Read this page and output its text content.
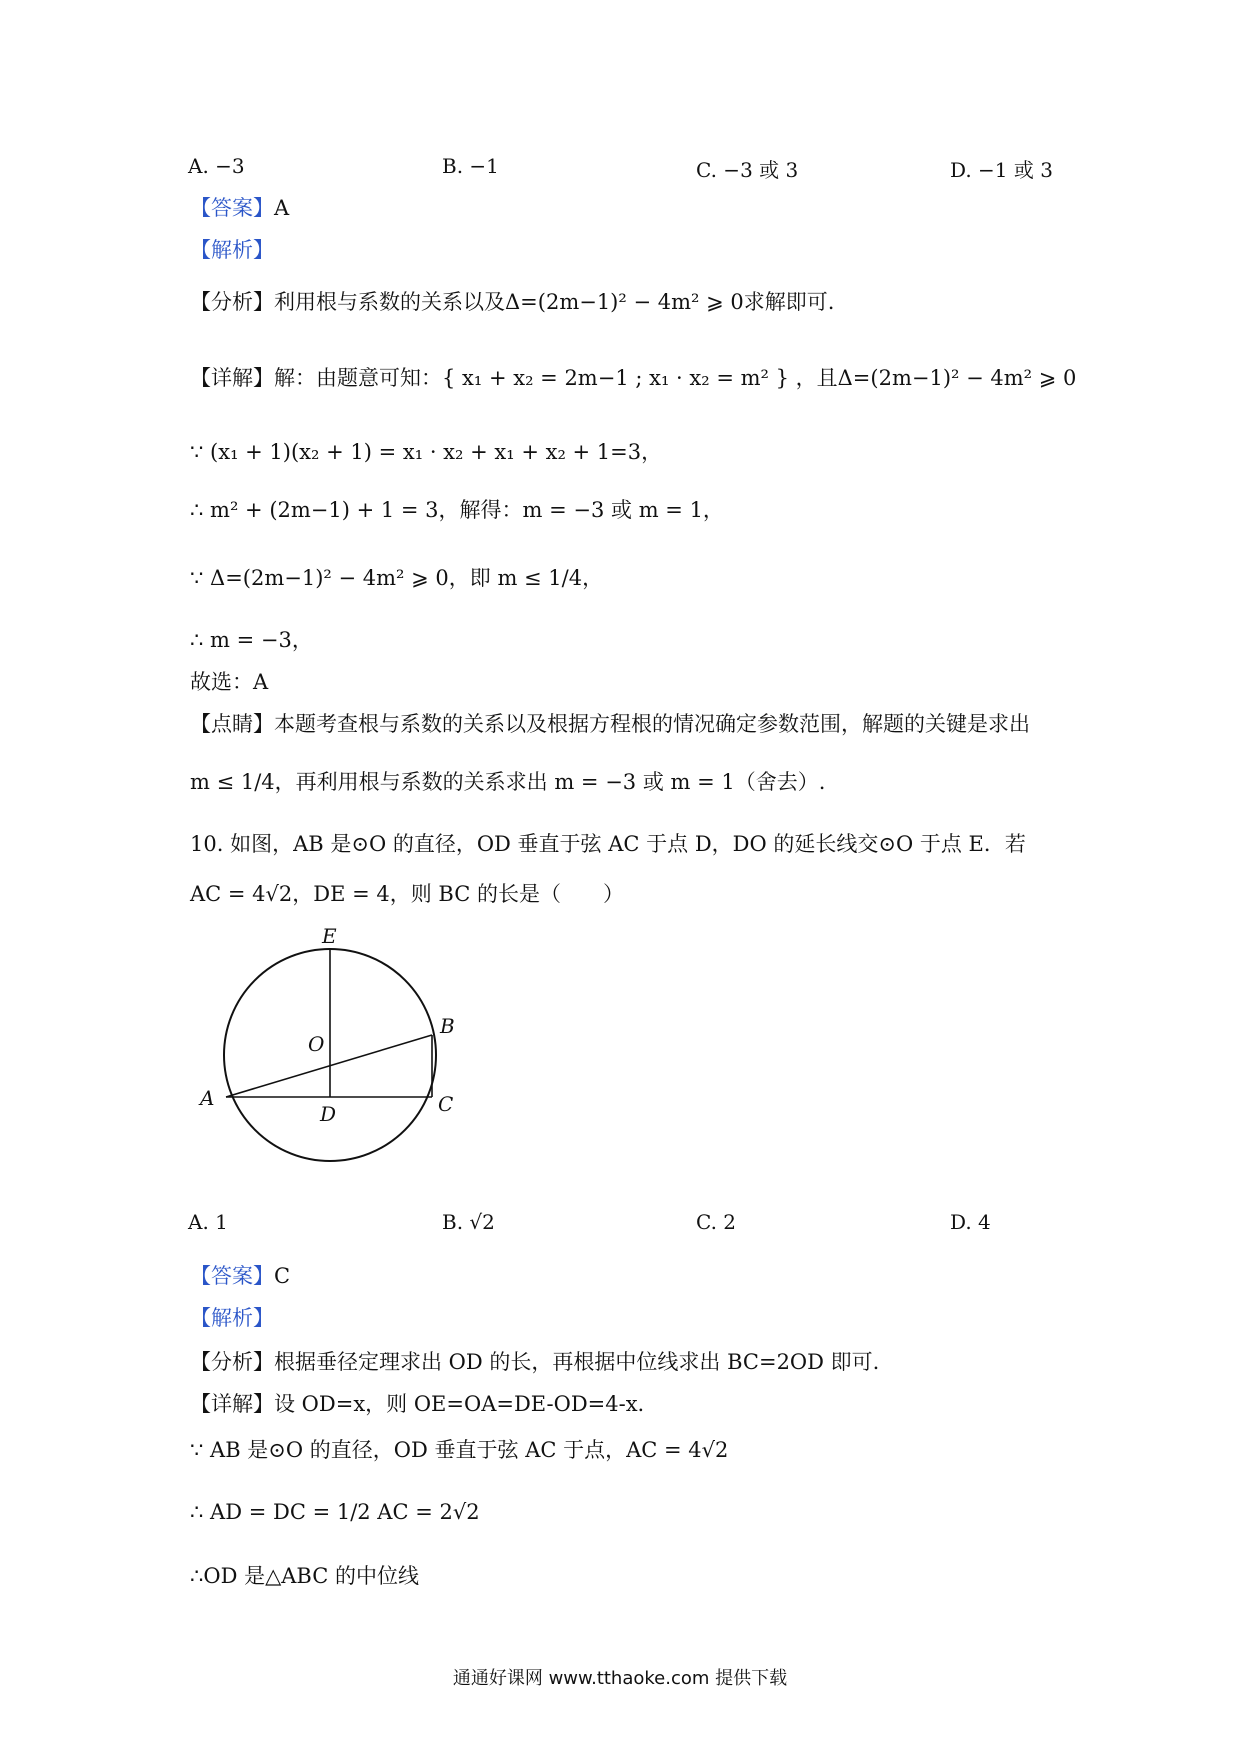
A. −3	B. −1	C. −3 或 3	D. −1 或 3
【答案】A
【解析】
【分析】利用根与系数的关系以及Δ=(2m−1)² − 4m² ⩾ 0求解即可.
【详解】解：由题意可知：{ x₁ + x₂ = 2m−1 ; x₁ · x₂ = m² } ，且Δ=(2m−1)² − 4m² ⩾ 0
∵ (x₁ + 1)(x₂ + 1) = x₁ · x₂ + x₁ + x₂ + 1=3，
∴ m² + (2m−1) + 1 = 3，解得：m = −3 或 m = 1，
∵ Δ=(2m−1)² − 4m² ⩾ 0，即 m ≤ 1/4，
∴ m = −3，
故选：A
【点睛】本题考查根与系数的关系以及根据方程根的情况确定参数范围，解题的关键是求出
m ≤ 1/4，再利用根与系数的关系求出 m = −3 或 m = 1（舍去）.
10. 如图，AB 是⊙O 的直径，OD 垂直于弦 AC 于点 D，DO 的延长线交⊙O 于点 E．若
AC = 4√2，DE = 4，则 BC 的长是（　　）
E
O
B
A
D	C
A. 1	B. √2	C. 2	D. 4
【答案】C
【解析】
【分析】根据垂径定理求出 OD 的长，再根据中位线求出 BC=2OD 即可.
【详解】设 OD=x，则 OE=OA=DE-OD=4-x.
∵ AB 是⊙O 的直径，OD 垂直于弦 AC 于点，AC = 4√2
∴ AD = DC = 1/2 AC = 2√2
∴OD 是△ABC 的中位线
通通好课网 www.tthaoke.com 提供下载
